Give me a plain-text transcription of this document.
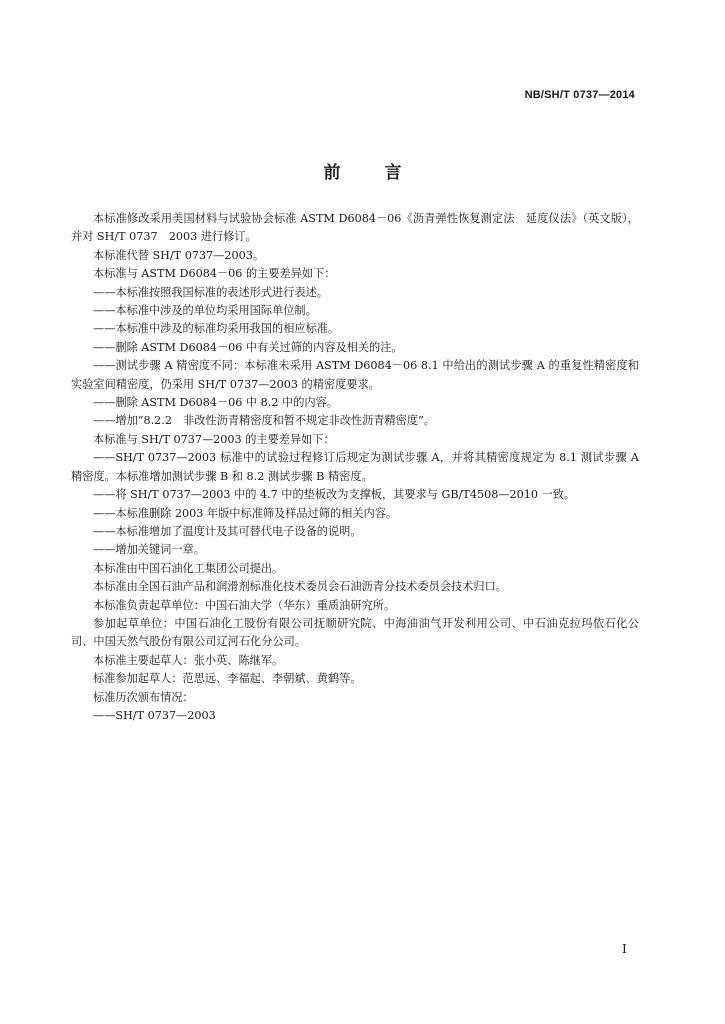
NB/SH/T 0737—2014
前言

本标准修改采用美国材料与试验协会标准 ASTM D6084－06《沥青弹性恢复测定法　延度仪法》（英文版），并对 SH/T 0737　2003 进行修订。

本标准代替 SH/T 0737—2003。

本标准与 ASTM D6084－06 的主要差异如下：

——本标准按照我国标准的表述形式进行表述。

——本标准中涉及的单位均采用国际单位制。

——本标准中涉及的标准均采用我国的相应标准。

——删除 ASTM D6084－06 中有关过筛的内容及相关的注。

——测试步骤 A 精密度不同：本标准未采用 ASTM D6084－06 8.1 中给出的测试步骤 A 的重复性精密度和实验室间精密度，仍采用 SH/T 0737—2003 的精密度要求。

——删除 ASTM D6084－06 中 8.2 中的内容。

——增加“8.2.2　非改性沥青精密度和暂不规定非改性沥青精密度”。

本标准与 SH/T 0737—2003 的主要差异如下：

——SH/T 0737—2003 标准中的试验过程修订后规定为测试步骤 A，并将其精密度规定为 8.1 测试步骤 A 精密度。本标准增加测试步骤 B 和 8.2 测试步骤 B 精密度。

——将 SH/T 0737—2003 中的 4.7 中的垫板改为支撑板，其要求与 GB/T4508—2010 一致。

——本标准删除 2003 年版中标准筛及样品过筛的相关内容。

——本标准增加了温度计及其可替代电子设备的说明。

——增加关键词一章。

本标准由中国石油化工集团公司提出。

本标准由全国石油产品和润滑剂标准化技术委员会石油沥青分技术委员会技术归口。

本标准负责起草单位：中国石油大学（华东）重质油研究所。

参加起草单位：中国石油化工股份有限公司抚顺研究院、中海油油气开发利用公司、中石油克拉玛依石化公司、中国天然气股份有限公司辽河石化分公司。

本标准主要起草人：张小英、陈继军。

标准参加起草人：范思远、李福起、李朝斌、黄鹤等。

标准历次颁布情况：

——SH/T 0737—2003

I
